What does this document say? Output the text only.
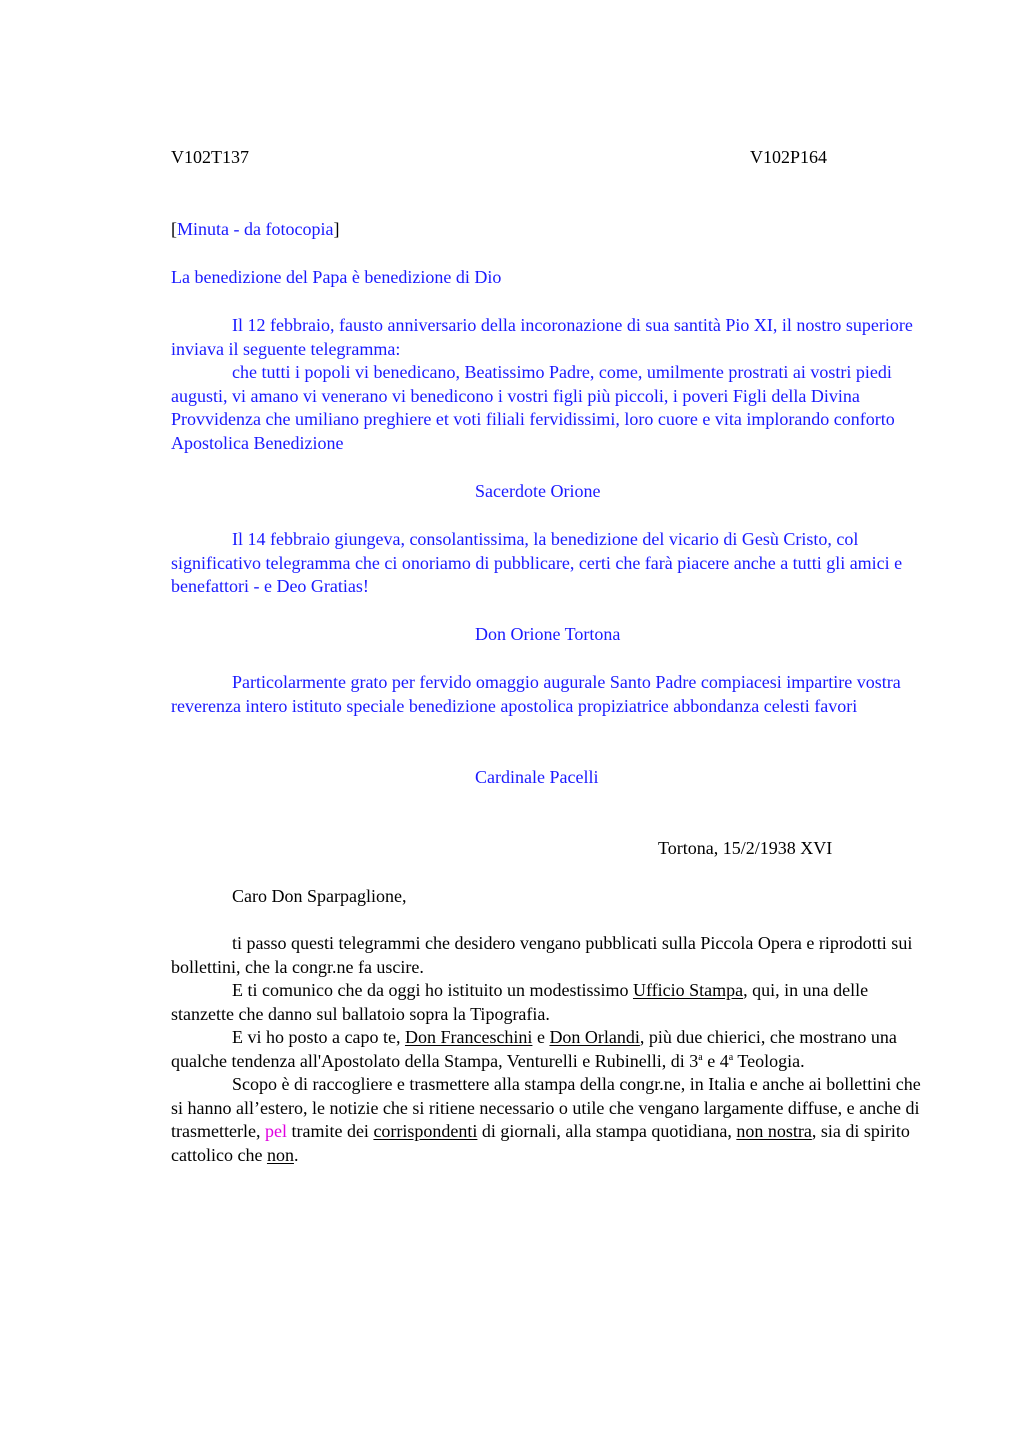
V102T137	V102P164
[Minuta - da fotocopia]
La benedizione del Papa è benedizione di Dio

Il 12 febbraio, fausto anniversario della incoronazione di sua santità Pio XI, il nostro superiore inviava il seguente telegramma:

che tutti i popoli vi benedicano, Beatissimo Padre, come, umilmente prostrati ai vostri piedi augusti, vi amano vi venerano vi benedicono i vostri figli più piccoli, i poveri Figli della Divina Provvidenza che umiliano preghiere et voti filiali fervidissimi, loro cuore e vita implorando conforto Apostolica Benedizione

Sacerdote Orione

Il 14 febbraio giungeva, consolantissima, la benedizione del vicario di Gesù Cristo, col significativo telegramma che ci onoriamo di pubblicare, certi che farà piacere anche a tutti gli amici e benefattori - e Deo Gratias!

Don Orione Tortona

Particolarmente grato per fervido omaggio augurale Santo Padre compiacesi impartire vostra reverenza intero istituto speciale benedizione apostolica propiziatrice abbondanza celesti favori

Cardinale Pacelli
Tortona, 15/2/1938 XVI
Caro Don Sparpaglione,

ti passo questi telegrammi che desidero vengano pubblicati sulla Piccola Opera e riprodotti sui bollettini, che la congr.ne fa uscire.

E ti comunico che da oggi ho istituito un modestissimo Ufficio Stampa, qui, in una delle stanzette che danno sul ballatoio sopra la Tipografia.

E vi ho posto a capo te, Don Franceschini e Don Orlandi, più due chierici, che mostrano una qualche tendenza all'Apostolato della Stampa, Venturelli e Rubinelli, di 3$^a$ e 4$^a$ Teologia.

Scopo è di raccogliere e trasmettere alla stampa della congr.ne, in Italia e anche ai bollettini che si hanno all’estero, le notizie che si ritiene necessario o utile che vengano largamente diffuse, e anche di trasmetterle, pel tramite dei corrispondenti di giornali, alla stampa quotidiana, non nostra, sia di spirito cattolico che non.
